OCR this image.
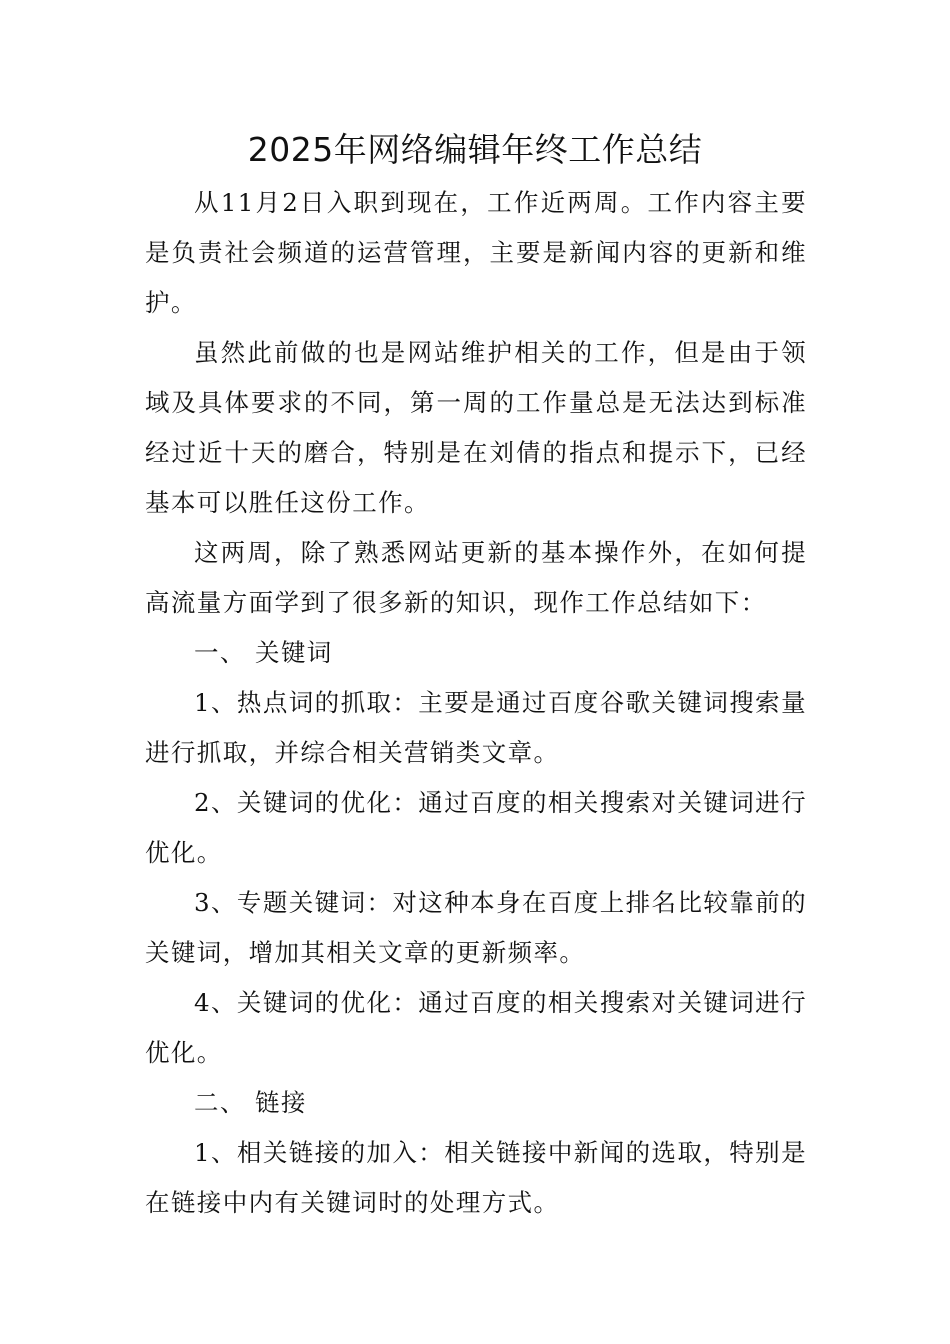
2025年网络编辑年终工作总结

从11月2日入职到现在，工作近两周。工作内容主要是负责社会频道的运营管理，主要是新闻内容的更新和维护。

虽然此前做的也是网站维护相关的工作，但是由于领域及具体要求的不同，第一周的工作量总是无法达到标准经过近十天的磨合，特别是在刘倩的指点和提示下，已经基本可以胜任这份工作。

这两周，除了熟悉网站更新的基本操作外，在如何提高流量方面学到了很多新的知识，现作工作总结如下：

一、 关键词

1、热点词的抓取：主要是通过百度谷歌关键词搜索量进行抓取，并综合相关营销类文章。

2、关键词的优化：通过百度的相关搜索对关键词进行优化。

3、专题关键词：对这种本身在百度上排名比较靠前的关键词，增加其相关文章的更新频率。

4、关键词的优化：通过百度的相关搜索对关键词进行优化。

二、 链接

1、相关链接的加入：相关链接中新闻的选取，特别是在链接中内有关键词时的处理方式。
